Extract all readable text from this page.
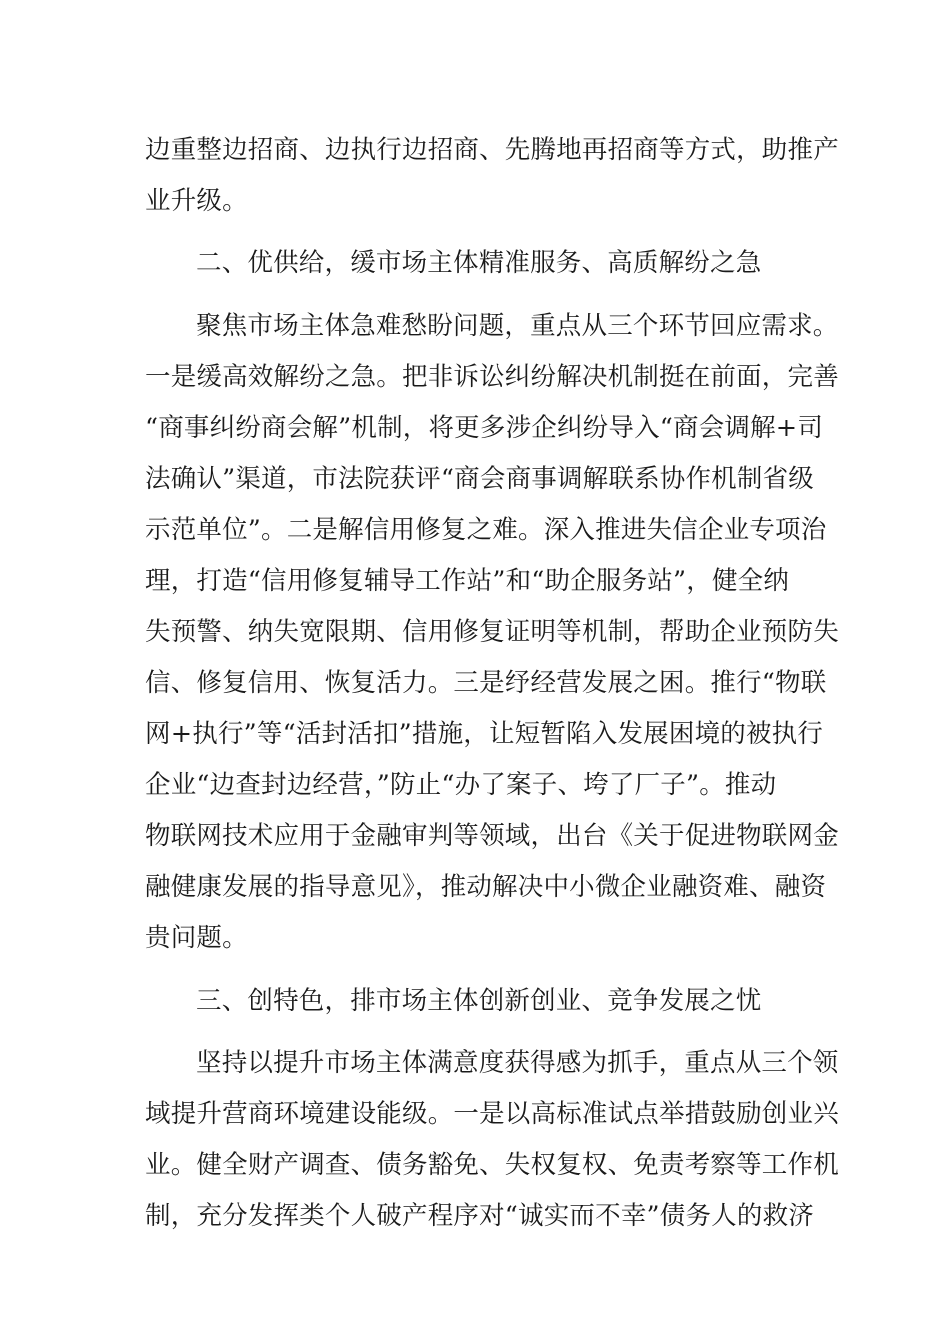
边重整边招商、边执行边招商、先腾地再招商等方式，助推产
业升级。
二、优供给，缓市场主体精准服务、高质解纷之急
聚焦市场主体急难愁盼问题，重点从三个环节回应需求。
一是缓高效解纷之急。把非诉讼纠纷解决机制挺在前面，完善
“商事纠纷商会解”机制，将更多涉企纠纷导入“商会调解+司
法确认”渠道，市法院获评“商会商事调解联系协作机制省级
示范单位”。二是解信用修复之难。深入推进失信企业专项治
理，打造“信用修复辅导工作站”和“助企服务站”，健全纳
失预警、纳失宽限期、信用修复证明等机制，帮助企业预防失
信、修复信用、恢复活力。三是纾经营发展之困。推行“物联
网+执行”等“活封活扣”措施，让短暂陷入发展困境的被执行
企业“边查封边经营，”防止“办了案子、垮了厂子”。推动
物联网技术应用于金融审判等领域，出台《关于促进物联网金
融健康发展的指导意见》，推动解决中小微企业融资难、融资
贵问题。
三、创特色，排市场主体创新创业、竞争发展之忧
坚持以提升市场主体满意度获得感为抓手，重点从三个领
域提升营商环境建设能级。一是以高标准试点举措鼓励创业兴
业。健全财产调查、债务豁免、失权复权、免责考察等工作机
制，充分发挥类个人破产程序对“诚实而不幸”债务人的救济
